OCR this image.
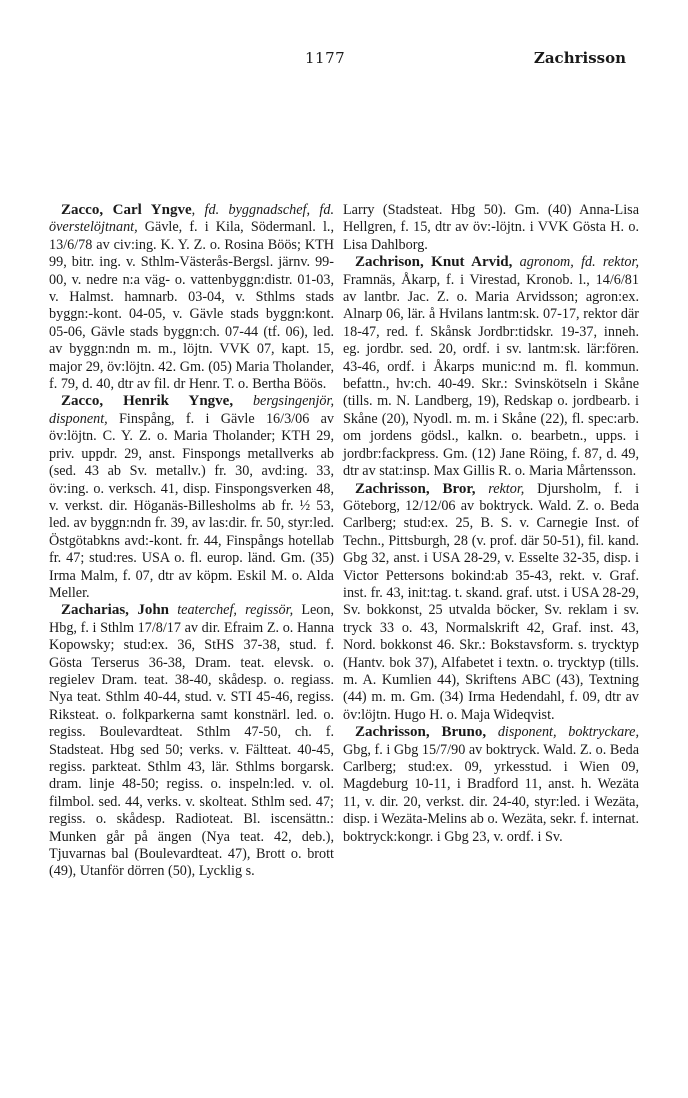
1177	Zachrisson

Zacco, Carl Yngve, fd. byggnadschef, fd. överstelöjtnant, Gävle, f. i Kila, Södermanl. l., 13/6/78 av civ:ing. K. Y. Z. o. Rosina Böös; KTH 99, bitr. ing. v. Sthlm-Västerås-Bergsl. järnv. 99-00, v. nedre n:a väg- o. vattenbyggn:distr. 01-03, v. Halmst. hamnarb. 03-04, v. Sthlms stads byggn:-kont. 04-05, v. Gävle stads byggn:kont. 05-06, Gävle stads byggn:ch. 07-44 (tf. 06), led. av byggn:ndn m. m., löjtn. VVK 07, kapt. 15, major 29, öv:löjtn. 42. Gm. (05) Maria Tholander, f. 79, d. 40, dtr av fil. dr Henr. T. o. Bertha Böös.

Zacco, Henrik Yngve, bergsingenjör, disponent, Finspång, f. i Gävle 16/3/06 av öv:löjtn. C. Y. Z. o. Maria Tholander; KTH 29, priv. uppdr. 29, anst. Finspongs metallverks ab (sed. 43 ab Sv. metallv.) fr. 30, avd:ing. 33, öv:ing. o. verksch. 41, disp. Finspongsverken 48, v. verkst. dir. Höganäs-Billesholms ab fr. ½ 53, led. av byggn:ndn fr. 39, av las:dir. fr. 50, styr:led. Östgötabkns avd:-kont. fr. 44, Finspångs hotellab fr. 47; stud:res. USA o. fl. europ. länd. Gm. (35) Irma Malm, f. 07, dtr av köpm. Eskil M. o. Alda Meller.

Zacharias, John teaterchef, regissör, Leon, Hbg, f. i Sthlm 17/8/17 av dir. Efraim Z. o. Hanna Kopowsky; stud:ex. 36, StHS 37-38, stud. f. Gösta Terserus 36-38, Dram. teat. elevsk. o. regielev Dram. teat. 38-40, skådesp. o. regiass. Nya teat. Sthlm 40-44, stud. v. STI 45-46, regiss. Riksteat. o. folkparkerna samt konstnärl. led. o. regiss. Boulevardteat. Sthlm 47-50, ch. f. Stadsteat. Hbg sed 50; verks. v. Fältteat. 40-45, regiss. parkteat. Sthlm 43, lär. Sthlms borgarsk. dram. linje 48-50; regiss. o. inspeln:led. v. ol. filmbol. sed. 44, verks. v. skolteat. Sthlm sed. 47; regiss. o. skådesp. Radioteat. Bl. iscensättn.: Munken går på ängen (Nya teat. 42, deb.), Tjuvarnas bal (Boulevardteat. 47), Brott o. brott (49), Utanför dörren (50), Lycklig s.

Larry (Stadsteat. Hbg 50). Gm. (40) Anna-Lisa Hellgren, f. 15, dtr av öv:-löjtn. i VVK Gösta H. o. Lisa Dahlborg.

Zachrison, Knut Arvid, agronom, fd. rektor, Framnäs, Åkarp, f. i Virestad, Kronob. l., 14/6/81 av lantbr. Jac. Z. o. Maria Arvidsson; agron:ex. Alnarp 06, lär. å Hvilans lantm:sk. 07-17, rektor där 18-47, red. f. Skånsk Jordbr:tidskr. 19-37, inneh. eg. jordbr. sed. 20, ordf. i sv. lantm:sk. lär:fören. 43-46, ordf. i Åkarps munic:nd m. fl. kommun. befattn., hv:ch. 40-49. Skr.: Svinskötseln i Skåne (tills. m. N. Landberg, 19), Redskap o. jordbearb. i Skåne (20), Nyodl. m. m. i Skåne (22), fl. spec:arb. om jordens gödsl., kalkn. o. bearbetn., upps. i jordbr:fackpress. Gm. (12) Jane Röing, f. 87, d. 49, dtr av stat:insp. Max Gillis R. o. Maria Mårtensson.

Zachrisson, Bror, rektor, Djursholm, f. i Göteborg, 12/12/06 av boktryck. Wald. Z. o. Beda Carlberg; stud:ex. 25, B. S. v. Carnegie Inst. of Techn., Pittsburgh, 28 (v. prof. där 50-51), fil. kand. Gbg 32, anst. i USA 28-29, v. Esselte 32-35, disp. i Victor Pettersons bokind:ab 35-43, rekt. v. Graf. inst. fr. 43, init:tag. t. skand. graf. utst. i USA 28-29, Sv. bokkonst, 25 utvalda böcker, Sv. reklam i sv. tryck 33 o. 43, Normalskrift 42, Graf. inst. 43, Nord. bokkonst 46. Skr.: Bokstavsform. s. trycktyp (Hantv. bok 37), Alfabetet i textn. o. trycktyp (tills. m. A. Kumlien 44), Skriftens ABC (43), Textning (44) m. m. Gm. (34) Irma Hedendahl, f. 09, dtr av öv:löjtn. Hugo H. o. Maja Wideqvist.

Zachrisson, Bruno, disponent, boktryckare, Gbg, f. i Gbg 15/7/90 av boktryck. Wald. Z. o. Beda Carlberg; stud:ex. 09, yrkesstud. i Wien 09, Magdeburg 10-11, i Bradford 11, anst. h. Wezäta 11, v. dir. 20, verkst. dir. 24-40, styr:led. i Wezäta, disp. i Wezäta-Melins ab o. Wezäta, sekr. f. internat. boktryck:kongr. i Gbg 23, v. ordf. i Sv.
